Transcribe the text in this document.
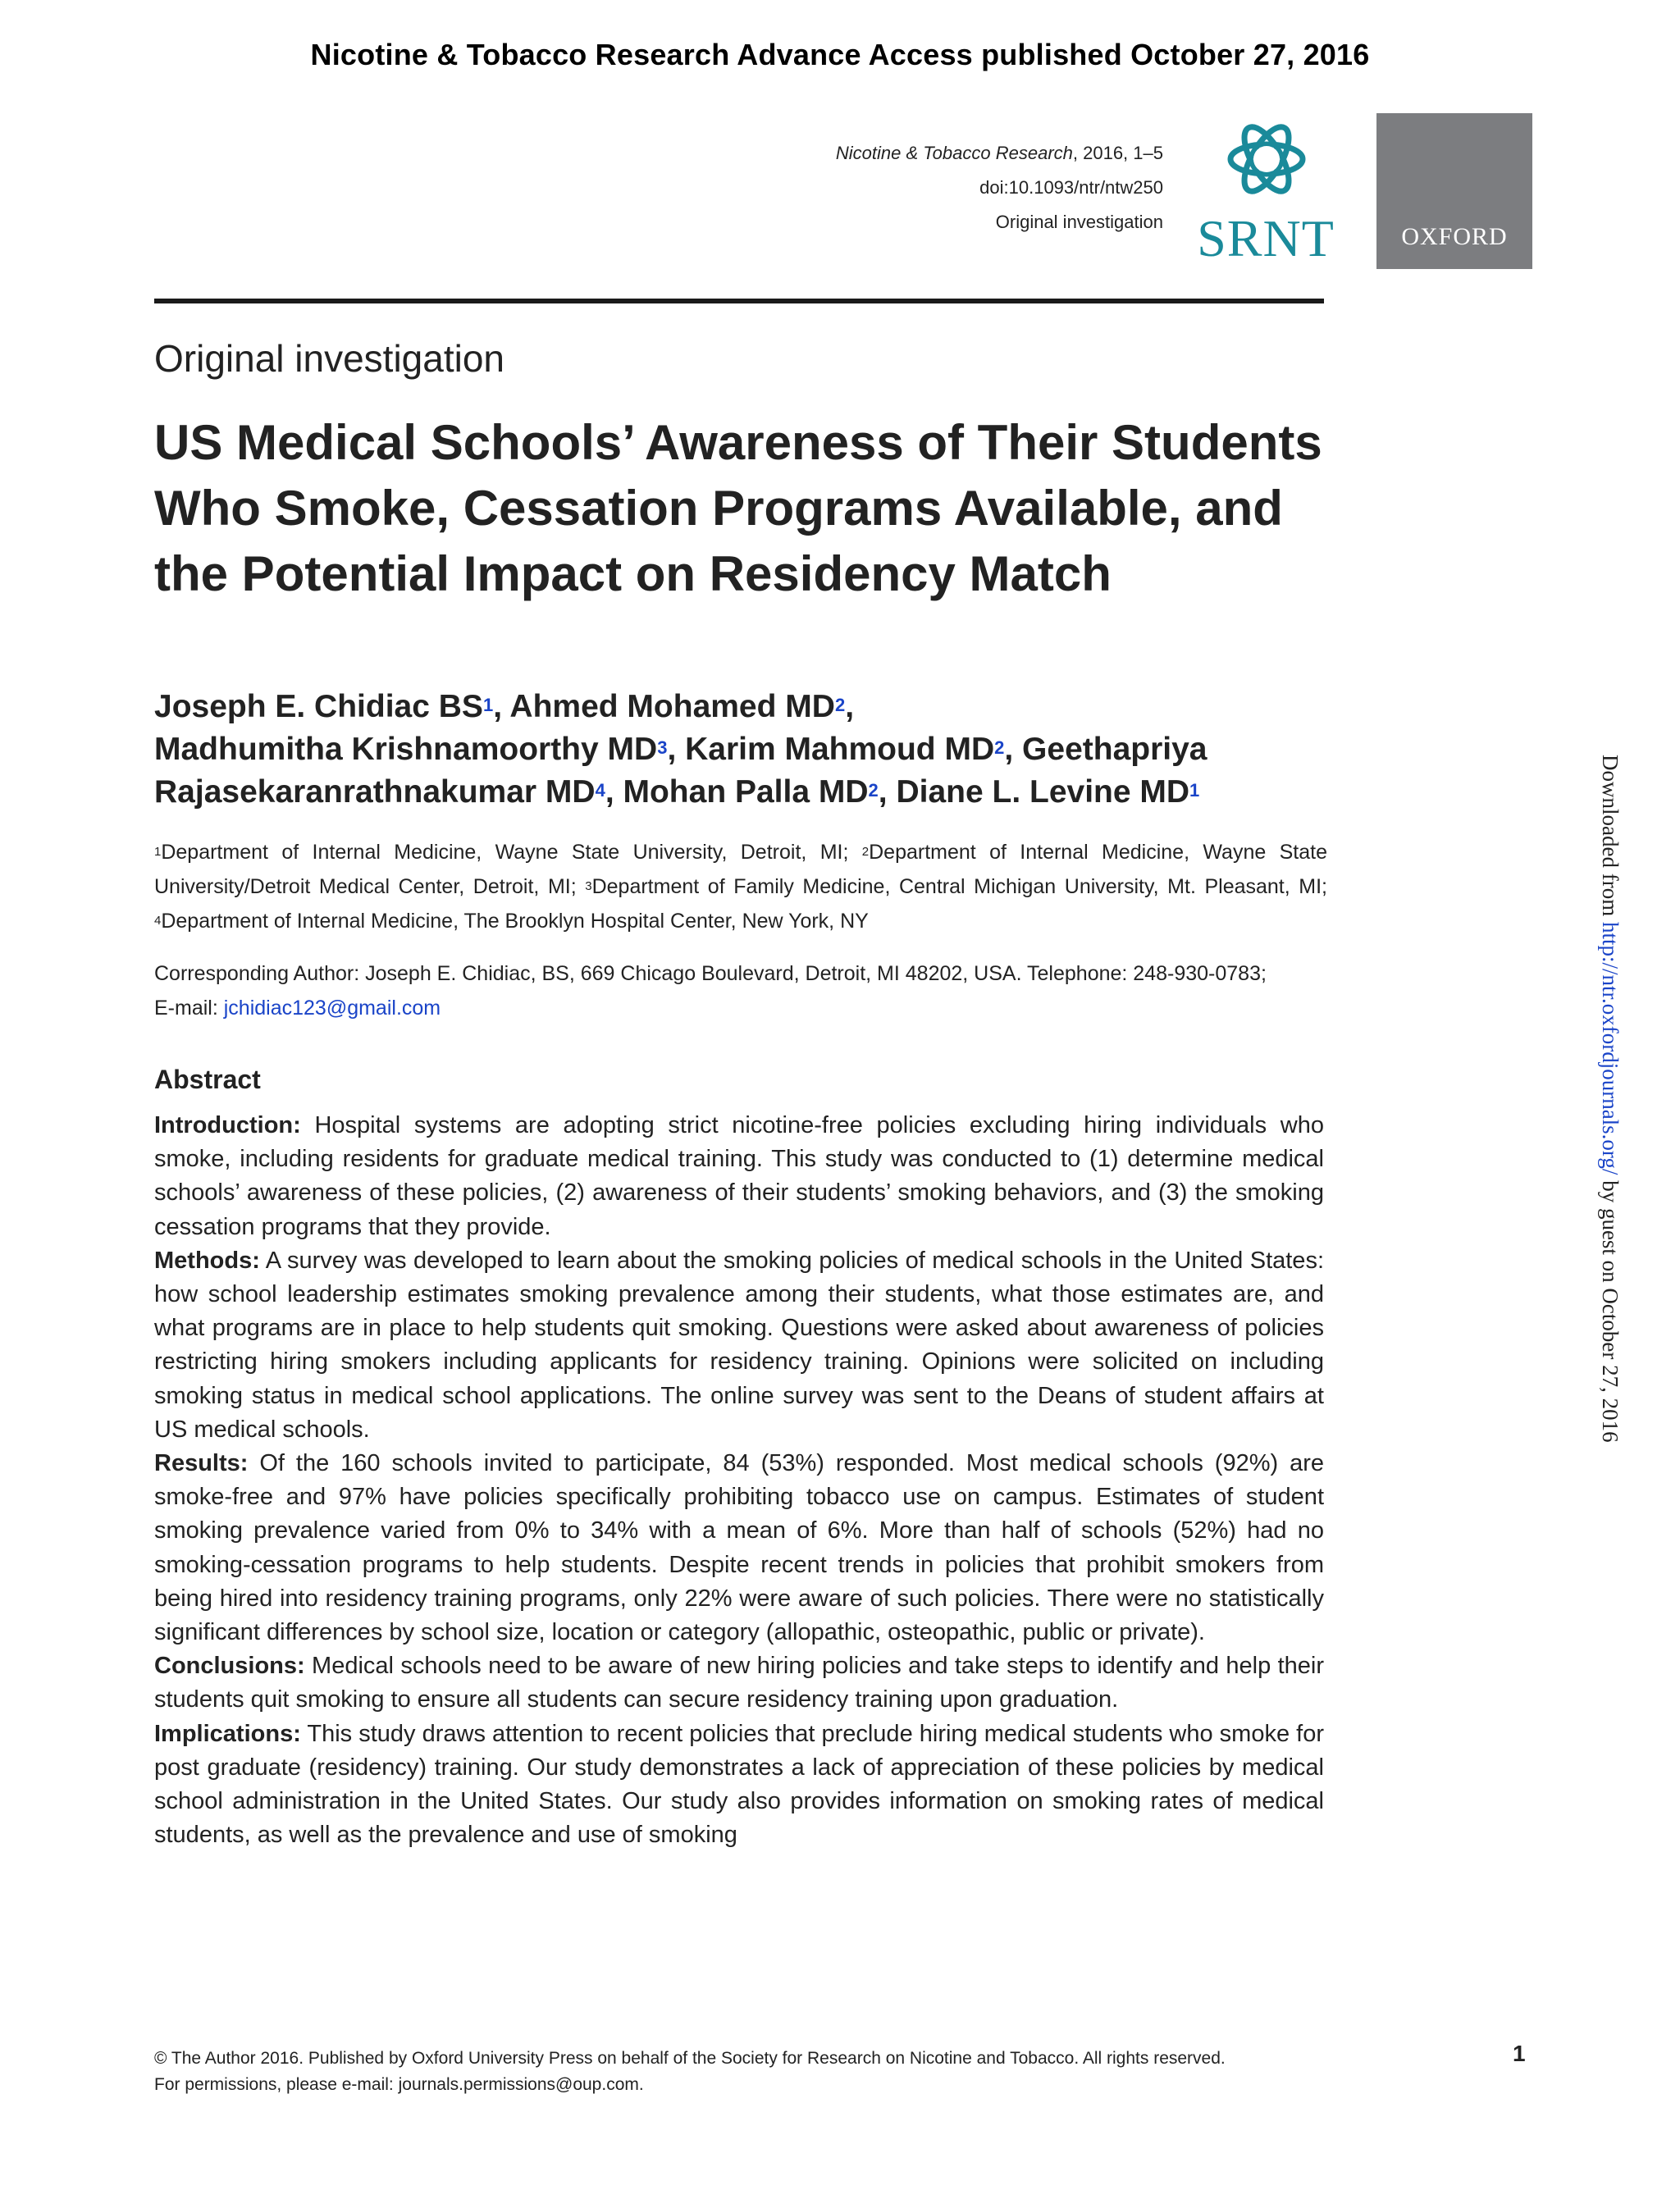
Nicotine & Tobacco Research Advance Access published October 27, 2016
Nicotine & Tobacco Research, 2016, 1–5
doi:10.1093/ntr/ntw250
Original investigation SRNT	OXFORD
Original investigation
US Medical Schools’ Awareness of Their Students Who Smoke, Cessation Programs Available, and the Potential Impact on Residency Match
Joseph E. Chidiac $BS^1$, Ahmed Mohamed $MD^2$,
Madhumitha Krishnamoorthy $MD^3$, Karim Mahmoud $MD^2$, Geethapriya Rajasekaranrathnakumar $MD^4$, Mohan Palla $MD^2$, Diane L. Levine $MD^1$
$^1$Department of Internal Medicine, Wayne State University, Detroit, MI; $^2$Department of Internal Medicine, Wayne State University/Detroit Medical Center, Detroit, MI; $^3$Department of Family Medicine, Central Michigan University, Mt. Pleasant, MI; $^4$Department of Internal Medicine, The Brooklyn Hospital Center, New York, NY
Corresponding Author: Joseph E. Chidiac, BS, 669 Chicago Boulevard, Detroit, MI 48202, USA. Telephone: 248-930-0783;
E-mail: jchidiac123@gmail.com
Abstract

Introduction: Hospital systems are adopting strict nicotine-free policies excluding hiring individuals who smoke, including residents for graduate medical training. This study was conducted to (1) determine medical schools’ awareness of these policies, (2) awareness of their students’ smoking behaviors, and (3) the smoking cessation programs that they provide.

Methods: A survey was developed to learn about the smoking policies of medical schools in the United States: how school leadership estimates smoking prevalence among their students, what those estimates are, and what programs are in place to help students quit smoking. Questions were asked about awareness of policies restricting hiring smokers including applicants for residency training. Opinions were solicited on including smoking status in medical school applications. The online survey was sent to the Deans of student affairs at US medical schools.

Results: Of the 160 schools invited to participate, 84 (53%) responded. Most medical schools (92%) are smoke-free and 97% have policies specifically prohibiting tobacco use on campus. Estimates of student smoking prevalence varied from 0% to 34% with a mean of 6%. More than half of schools (52%) had no smoking-cessation programs to help students. Despite recent trends in policies that prohibit smokers from being hired into residency training programs, only 22% were aware of such policies. There were no statistically significant differences by school size, location or category (allopathic, osteopathic, public or private).

Conclusions: Medical schools need to be aware of new hiring policies and take steps to identify and help their students quit smoking to ensure all students can secure residency training upon graduation.

Implications: This study draws attention to recent policies that preclude hiring medical students who smoke for post graduate (residency) training. Our study demonstrates a lack of appreciation of these policies by medical school administration in the United States. Our study also provides information on smoking rates of medical students, as well as the prevalence and use of smoking

Downloaded from http://ntr.oxfordjournals.org/ by guest on October 27, 2016
© The Author 2016. Published by Oxford University Press on behalf of the Society for Research on Nicotine and Tobacco. All rights reserved.
For permissions, please e-mail: journals.permissions@oup.com.
1
